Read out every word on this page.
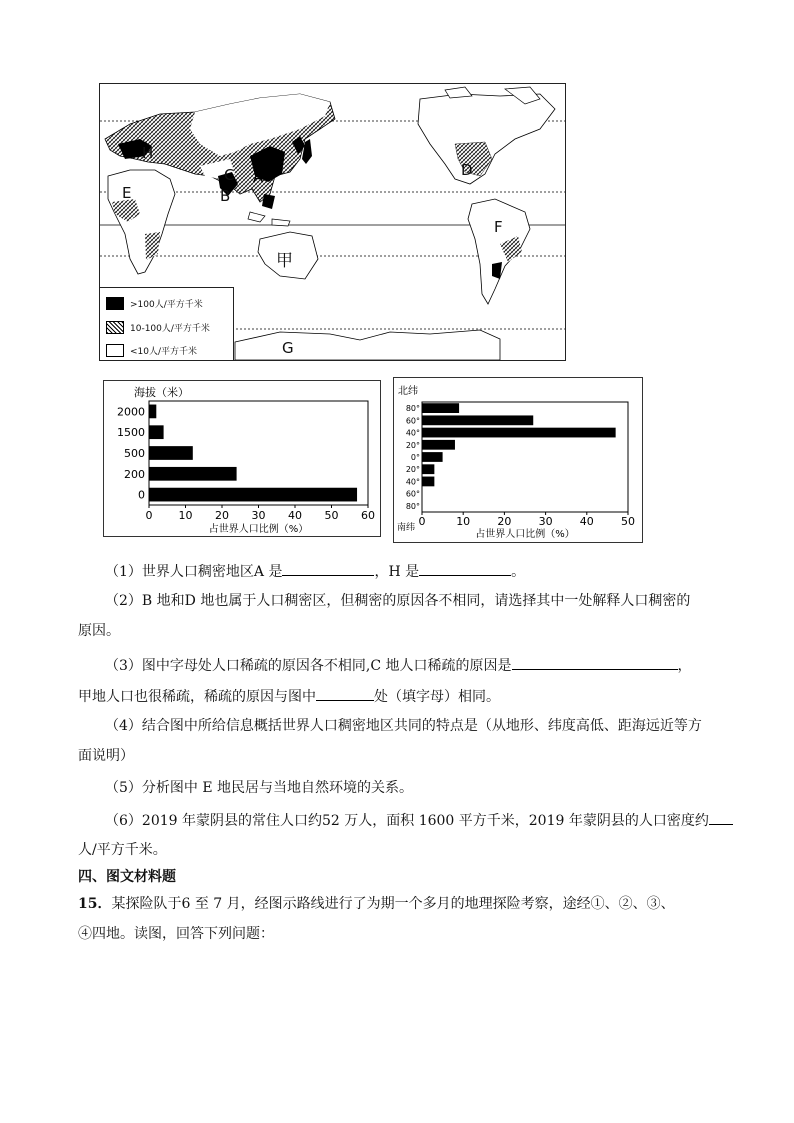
H
C A
B
E
D
F
甲
G
>100人/平方千米
10-100人/平方千米
<10人/平方千米
海拔（米）
2000
1500
500
200
0
0 10 20 30 40 50 60
占世界人口比例（%）
北纬
南纬
80°
60°
40°
20°
0°
20°
40°
60°
80°
0	10 20 30 40 50
占世界人口比例（%）

（1）世界人口稠密地区A 是	，H 是	。

（2）B 地和D 地也属于人口稠密区，但稠密的原因各不相同，请选择其中一处解释人口稠密的

原因。

（3）图中字母处人口稀疏的原因各不相同,C 地人口稀疏的原因是	，

甲地人口也很稀疏，稀疏的原因与图中	处（填字母）相同。

（4）结合图中所给信息概括世界人口稠密地区共同的特点是（从地形、纬度高低、距海远近等方

面说明）

（5）分析图中 E 地民居与当地自然环境的关系。

（6）2019 年蒙阴县的常住人口约52 万人，面积 1600 平方千米，2019 年蒙阴县的人口密度约

人/平方千米。

四、图文材料题

15．某探险队于6 至 7 月，经图示路线进行了为期一个多月的地理探险考察，途经①、②、③、

④四地。读图，回答下列问题：
